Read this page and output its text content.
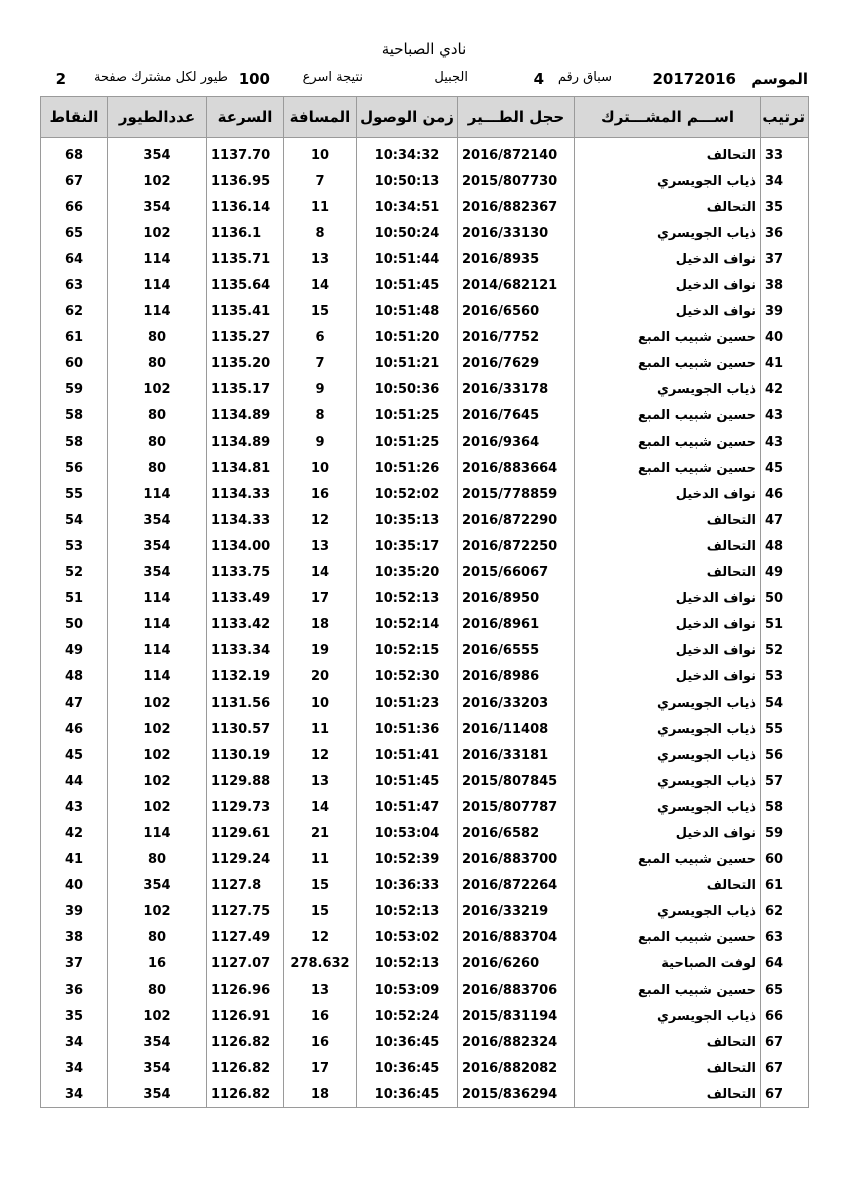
نادي الصباحية
الموسم
20172016
سباق رقم
4
الجبيل
نتيجة اسرع
100
طيور لكل مشترك صفحة
2
ترتيب	اســـم المشـــترك	حجل الطـــير	زمن الوصول	المسافة	السرعة	عددالطيور	النقاط

33	التحالف	2016/872140	10:34:32	10	1137.70	354	68
34	ذياب الجويسري	2015/807730	10:50:13	7	1136.95	102	67
35	التحالف	2016/882367	10:34:51	11	1136.14	354	66
36	ذياب الجويسري	2016/33130	10:50:24	8	1136.1	102	65
37	نواف الدخيل	2016/8935	10:51:44	13	1135.71	114	64
38	نواف الدخيل	2014/682121	10:51:45	14	1135.64	114	63
39	نواف الدخيل	2016/6560	10:51:48	15	1135.41	114	62
40	حسين شبيب المبع	2016/7752	10:51:20	6	1135.27	80	61
41	حسين شبيب المبع	2016/7629	10:51:21	7	1135.20	80	60
42	ذياب الجويسري	2016/33178	10:50:36	9	1135.17	102	59
43	حسين شبيب المبع	2016/7645	10:51:25	8	1134.89	80	58
43	حسين شبيب المبع	2016/9364	10:51:25	9	1134.89	80	58
45	حسين شبيب المبع	2016/883664	10:51:26	10	1134.81	80	56
46	نواف الدخيل	2015/778859	10:52:02	16	1134.33	114	55
47	التحالف	2016/872290	10:35:13	12	1134.33	354	54
48	التحالف	2016/872250	10:35:17	13	1134.00	354	53
49	التحالف	2015/66067	10:35:20	14	1133.75	354	52
50	نواف الدخيل	2016/8950	10:52:13	17	1133.49	114	51
51	نواف الدخيل	2016/8961	10:52:14	18	1133.42	114	50
52	نواف الدخيل	2016/6555	10:52:15	19	1133.34	114	49
53	نواف الدخيل	2016/8986	10:52:30	20	1132.19	114	48
54	ذياب الجويسري	2016/33203	10:51:23	10	1131.56	102	47
55	ذياب الجويسري	2016/11408	10:51:36	11	1130.57	102	46
56	ذياب الجويسري	2016/33181	10:51:41	12	1130.19	102	45
57	ذياب الجويسري	2015/807845	10:51:45	13	1129.88	102	44
58	ذياب الجويسري	2015/807787	10:51:47	14	1129.73	102	43
59	نواف الدخيل	2016/6582	10:53:04	21	1129.61	114	42
60	حسين شبيب المبع	2016/883700	10:52:39	11	1129.24	80	41
61	التحالف	2016/872264	10:36:33	15	1127.8	354	40
62	ذياب الجويسري	2016/33219	10:52:13	15	1127.75	102	39
63	حسين شبيب المبع	2016/883704	10:53:02	12	1127.49	80	38
64	لوفت الصباحية	2016/6260	10:52:13	278.632	1127.07	16	37
65	حسين شبيب المبع	2016/883706	10:53:09	13	1126.96	80	36
66	ذياب الجويسري	2015/831194	10:52:24	16	1126.91	102	35
67	التحالف	2016/882324	10:36:45	16	1126.82	354	34
67	التحالف	2016/882082	10:36:45	17	1126.82	354	34
67	التحالف	2015/836294	10:36:45	18	1126.82	354	34
